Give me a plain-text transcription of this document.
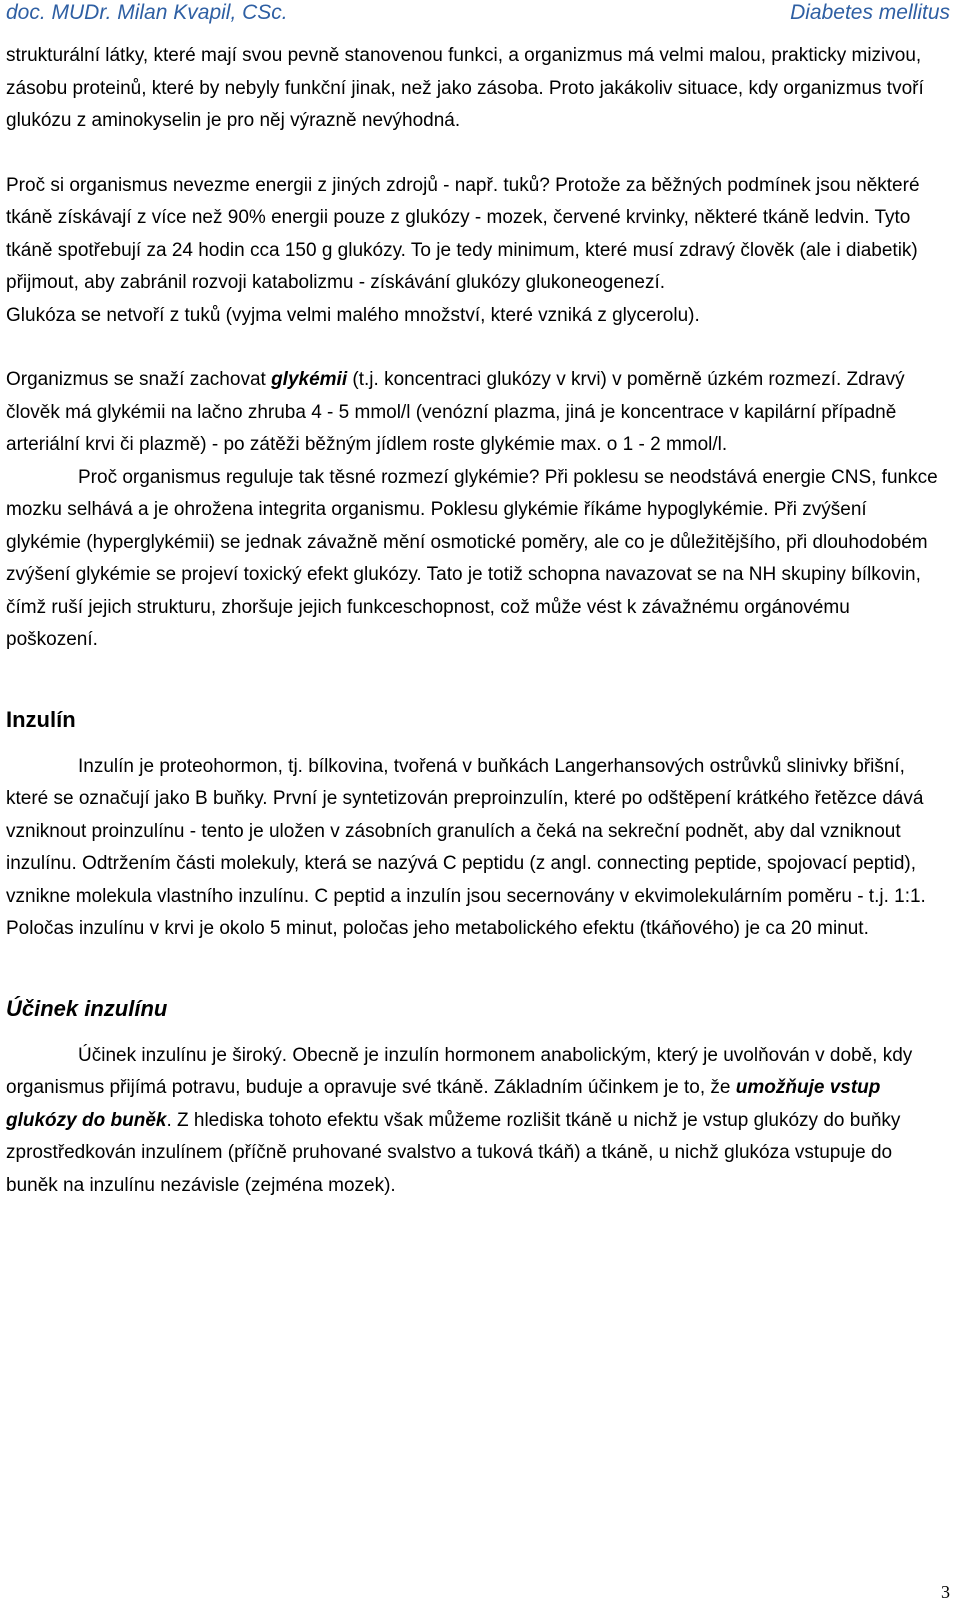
doc. MUDr. Milan Kvapil, CSc.	Diabetes mellitus

strukturální látky, které mají svou pevně stanovenou funkci, a organizmus má velmi malou, prakticky mizivou, zásobu proteinů, které by nebyly funkční jinak, než jako zásoba. Proto jakákoliv situace, kdy organizmus tvoří glukózu z aminokyselin je pro něj výrazně nevýhodná.

Proč si organismus nevezme energii z jiných zdrojů - např. tuků? Protože za běžných podmínek jsou některé tkáně získávají z více než 90% energii pouze z glukózy - mozek, červené krvinky, některé tkáně ledvin. Tyto tkáně spotřebují za 24 hodin cca 150 g glukózy. To je tedy minimum, které musí zdravý člověk (ale i diabetik) přijmout, aby zabránil rozvoji katabolizmu - získávání glukózy glukoneogenezí.

Glukóza se netvoří z tuků (vyjma velmi malého množství, které vzniká z glycerolu).

Organizmus se snaží zachovat glykémii (t.j. koncentraci glukózy v krvi) v poměrně úzkém rozmezí. Zdravý člověk má glykémii na lačno zhruba 4 - 5 mmol/l (venózní plazma, jiná je koncentrace v kapilární případně arteriální krvi či plazmě) - po zátěži běžným jídlem roste glykémie max. o 1 - 2 mmol/l.

Proč organismus reguluje tak těsné rozmezí glykémie? Při poklesu se neodstává energie CNS, funkce mozku selhává a je ohrožena integrita organismu. Poklesu glykémie říkáme hypoglykémie. Při zvýšení glykémie (hyperglykémii) se jednak závažně mění osmotické poměry, ale co je důležitějšího, při dlouhodobém zvýšení glykémie se projeví toxický efekt glukózy. Tato je totiž schopna navazovat se na NH skupiny bílkovin, čímž ruší jejich strukturu, zhoršuje jejich funkceschopnost, což může vést k závažnému orgánovému poškození.

Inzulín

Inzulín je proteohormon, tj. bílkovina, tvořená v buňkách Langerhansových ostrůvků slinivky břišní, které se označují jako B buňky. První je syntetizován preproinzulín, které po odštěpení krátkého řetězce dává vzniknout proinzulínu - tento je uložen v zásobních granulích a čeká na sekreční podnět, aby dal vzniknout inzulínu. Odtržením části molekuly, která se nazývá C peptidu (z angl. connecting peptide, spojovací peptid), vznikne molekula vlastního inzulínu. C peptid a inzulín jsou secernovány v ekvimolekulárním poměru - t.j. 1:1. Poločas inzulínu v krvi je okolo 5 minut, poločas jeho metabolického efektu (tkáňového) je ca 20 minut.

Účinek inzulínu

Účinek inzulínu je široký. Obecně je inzulín hormonem anabolickým, který je uvolňován v době, kdy organismus přijímá potravu, buduje a opravuje své tkáně. Základním účinkem je to, že umožňuje vstup glukózy do buněk. Z hlediska tohoto efektu však můžeme rozlišit tkáně u nichž je vstup glukózy do buňky zprostředkován inzulínem (příčně pruhované svalstvo a tuková tkáň) a tkáně, u nichž glukóza vstupuje do buněk na inzulínu nezávisle (zejména mozek).

3
